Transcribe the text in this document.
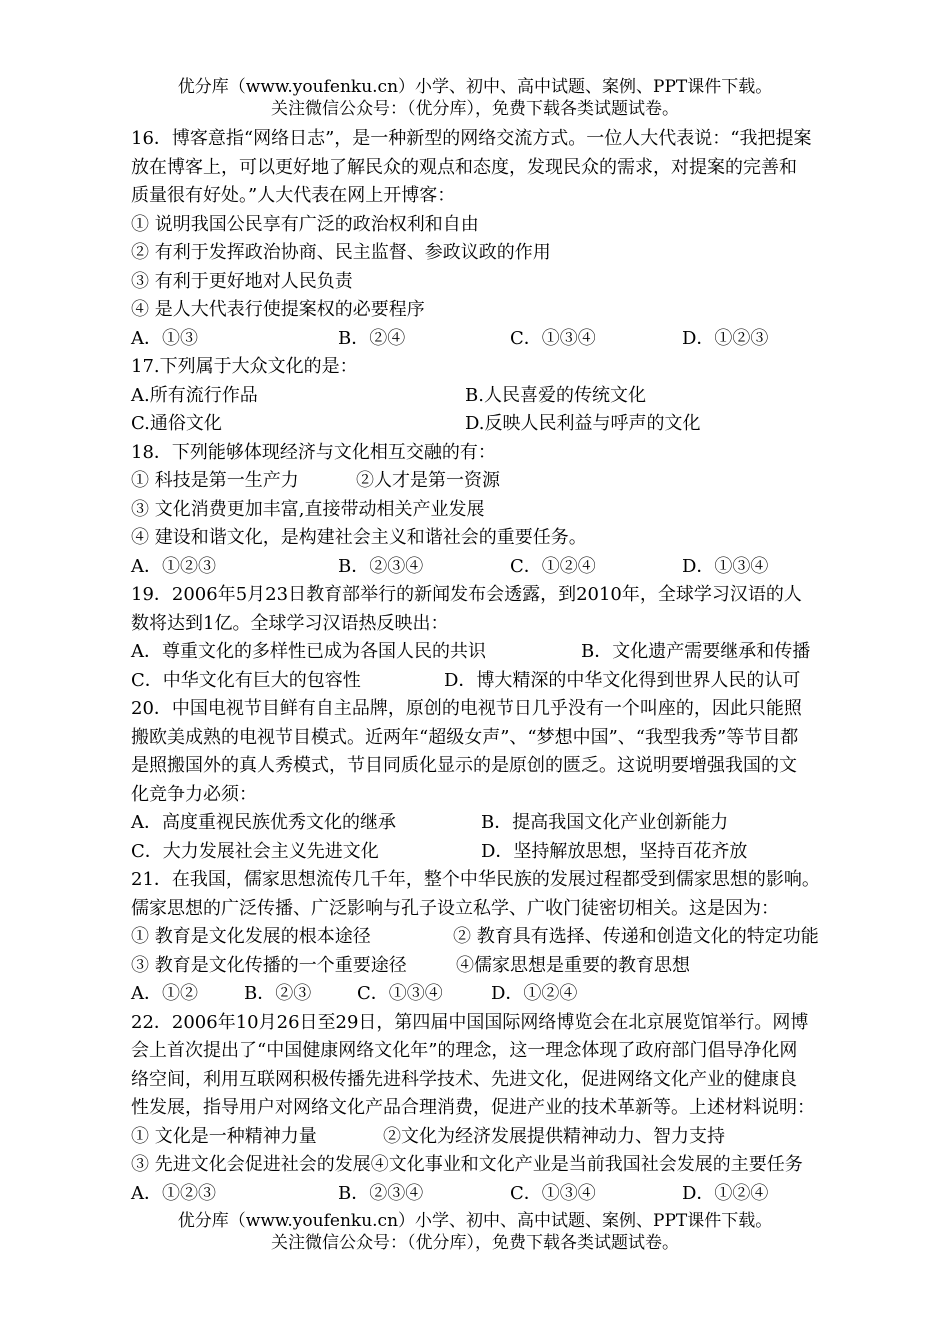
优分库（www.youfenku.cn）小学、初中、高中试题、案例、PPT课件下载。
关注微信公众号：（优分库），免费下载各类试题试卷。
16．博客意指“网络日志”，是一种新型的网络交流方式。一位人大代表说：“我把提案
放在博客上，可以更好地了解民众的观点和态度，发现民众的需求，对提案的完善和
质量很有好处。”人大代表在网上开博客：
① 说明我国公民享有广泛的政治权利和自由
② 有利于发挥政治协商、民主监督、参政议政的作用
③ 有利于更好地对人民负责
④ 是人大代表行使提案权的必要程序
A．①③	B．②④	C．①③④	D．①②③
17.下列属于大众文化的是：
A.所有流行作品	B.人民喜爱的传统文化
C.通俗文化	D.反映人民利益与呼声的文化
18．下列能够体现经济与文化相互交融的有：
① 科技是第一生产力	②人才是第一资源
③ 文化消费更加丰富,直接带动相关产业发展
④ 建设和谐文化，是构建社会主义和谐社会的重要任务。
A．①②③	B．②③④	C．①②④	D．①③④
19．2006年5月23日教育部举行的新闻发布会透露，到2010年，全球学习汉语的人
数将达到1亿。全球学习汉语热反映出：
A．尊重文化的多样性已成为各国人民的共识	B．文化遗产需要继承和传播
C．中华文化有巨大的包容性	D．博大精深的中华文化得到世界人民的认可
20．中国电视节目鲜有自主品牌，原创的电视节日几乎没有一个叫座的，因此只能照
搬欧美成熟的电视节目模式。近两年“超级女声”、“梦想中国”、“我型我秀”等节目都
是照搬国外的真人秀模式，节目同质化显示的是原创的匮乏。这说明要增强我国的文
化竞争力必须：
A．高度重视民族优秀文化的继承	B．提高我国文化产业创新能力
C．大力发展社会主义先进文化	D．坚持解放思想，坚持百花齐放
21．在我国，儒家思想流传几千年，整个中华民族的发展过程都受到儒家思想的影响。
儒家思想的广泛传播、广泛影响与孔子设立私学、广收门徒密切相关。这是因为：
① 教育是文化发展的根本途径	② 教育具有选择、传递和创造文化的特定功能
③ 教育是文化传播的一个重要途径	④儒家思想是重要的教育思想
A．①②	B．②③	C．①③④	D．①②④
22．2006年10月26日至29日，第四届中国国际网络博览会在北京展览馆举行。网博
会上首次提出了“中国健康网络文化年”的理念，这一理念体现了政府部门倡导净化网
络空间，利用互联网积极传播先进科学技术、先进文化，促进网络文化产业的健康良
性发展，指导用户对网络文化产品合理消费，促进产业的技术革新等。上述材料说明：
① 文化是一种精神力量	②文化为经济发展提供精神动力、智力支持
③ 先进文化会促进社会的发展④文化事业和文化产业是当前我国社会发展的主要任务
A．①②③	B．②③④	C．①③④	D．①②④
优分库（www.youfenku.cn）小学、初中、高中试题、案例、PPT课件下载。
关注微信公众号：（优分库），免费下载各类试题试卷。
